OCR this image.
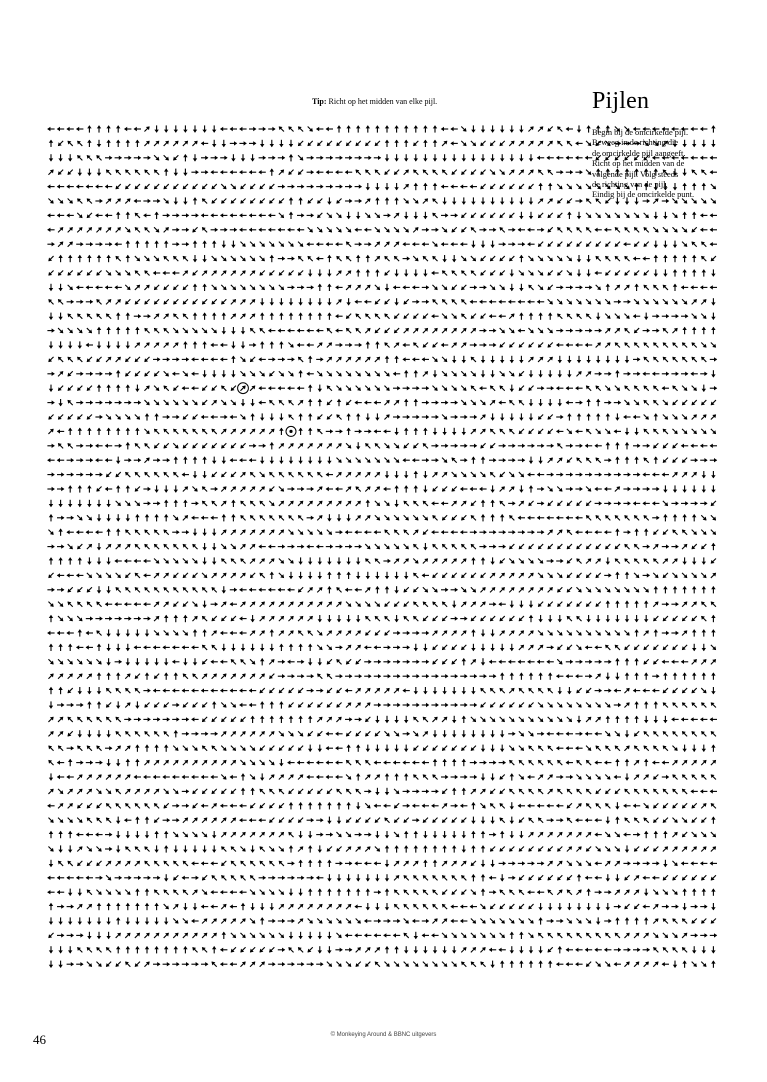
Tip: Richt op het midden van elke pijl.	Pijlen
Begin bij de omcirkelde pijl.
Beweeg richting die
de omcirkelde pijl aangeeft.
Richt op het midden van de
volgende pijl. Volg steeds
de richting van de pijl.
Eindig bij de omcirkelde punt.
46	© Monkeying Around & BBNC uitgevers
